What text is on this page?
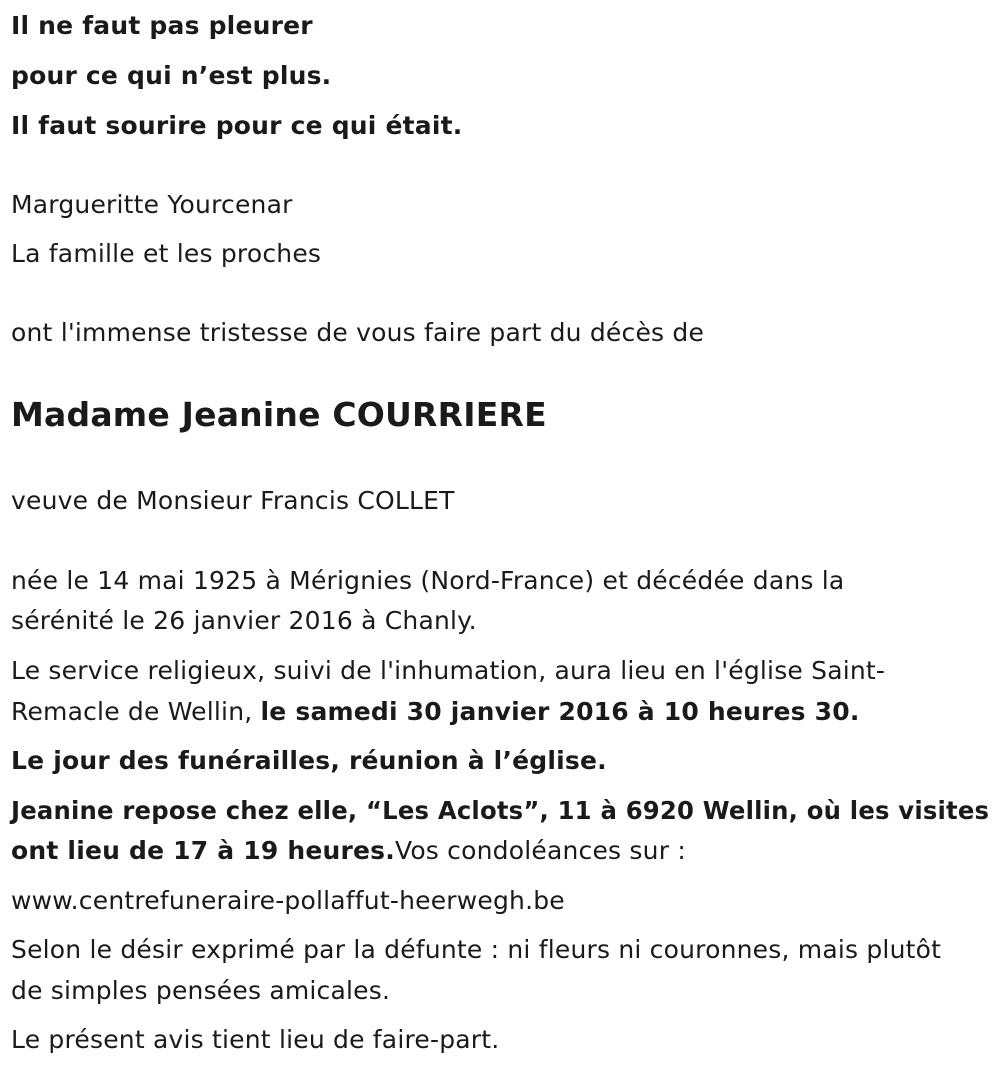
Il ne faut pas pleurer
pour ce qui n’est plus.
Il faut sourire pour ce qui était.
Margueritte Yourcenar
La famille et les proches
ont l'immense tristesse de vous faire part du décès de
Madame Jeanine COURRIERE
veuve de Monsieur Francis COLLET
née le 14 mai 1925 à Mérignies (Nord-France) et décédée dans la
sérénité le 26 janvier 2016 à Chanly.
Le service religieux, suivi de l'inhumation, aura lieu en l'église Saint-
Remacle de Wellin, le samedi 30 janvier 2016 à 10 heures 30.
Le jour des funérailles, réunion à l’église.
Jeanine repose chez elle, “Les Aclots”, 11 à 6920 Wellin, où les visites
ont lieu de 17 à 19 heures.Vos condoléances sur :
www.centrefuneraire-pollaffut-heerwegh.be
Selon le désir exprimé par la défunte : ni fleurs ni couronnes, mais plutôt
de simples pensées amicales.
Le présent avis tient lieu de faire-part.
